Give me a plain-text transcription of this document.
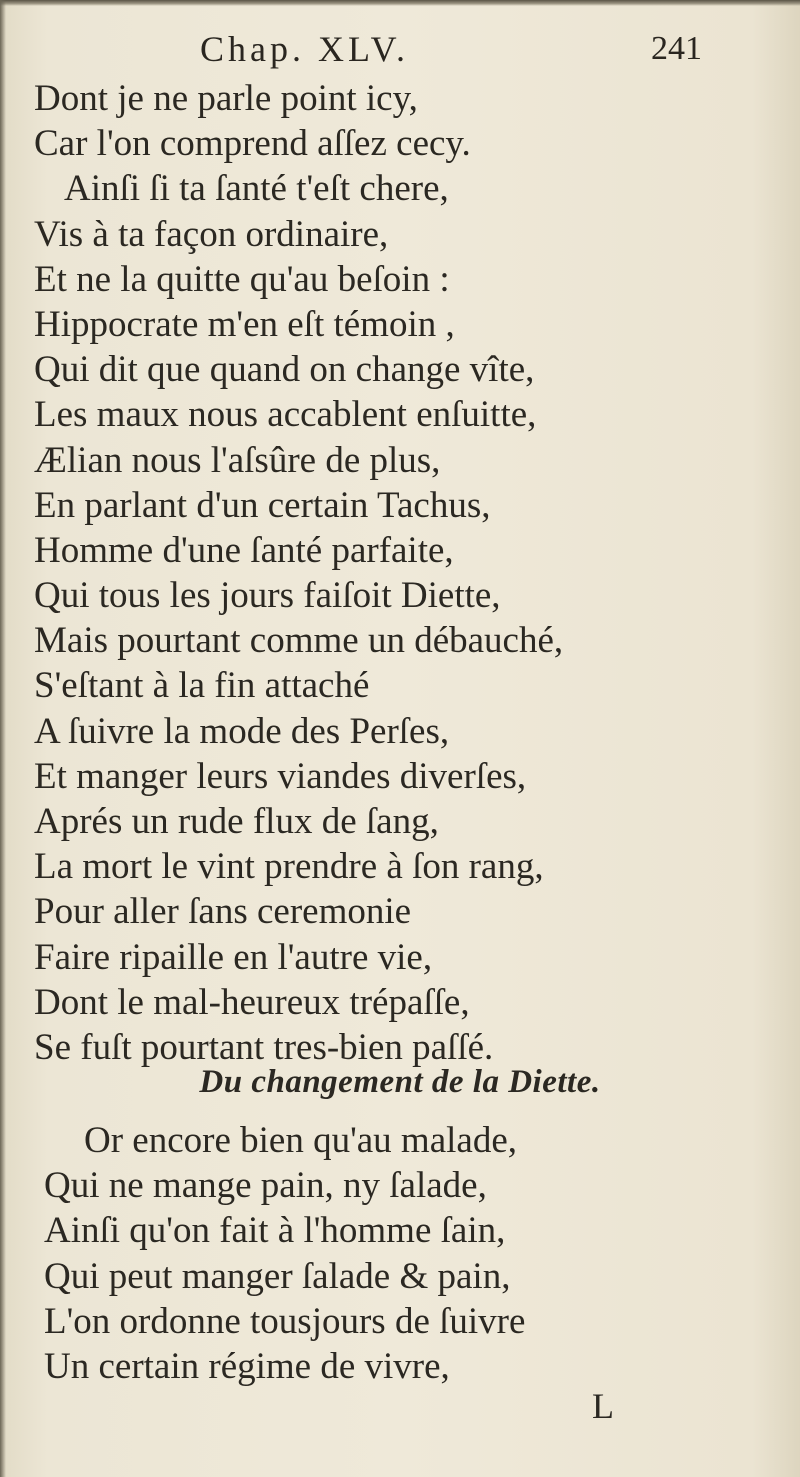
Chap. XLV.	241
Dont je ne parle point icy,
Car l'on comprend aſſez cecy.
Ainſi ſi ta ſanté t'eſt chere,
Vis à ta façon ordinaire,
Et ne la quitte qu'au beſoin :
Hippocrate m'en eſt témoin ,
Qui dit que quand on change vîte,
Les maux nous accablent enſuitte,
Ælian nous l'aſsûre de plus,
En parlant d'un certain Tachus,
Homme d'une ſanté parfaite,
Qui tous les jours faiſoit Diette,
Mais pourtant comme un débauché,
S'eſtant à la fin attaché
A ſuivre la mode des Perſes,
Et manger leurs viandes diverſes,
Aprés un rude flux de ſang,
La mort le vint prendre à ſon rang,
Pour aller ſans ceremonie
Faire ripaille en l'autre vie,
Dont le mal-heureux trépaſſe,
Se fuſt pourtant tres-bien paſſé.
Du changement de la Diette.
Or encore bien qu'au malade,
Qui ne mange pain, ny ſalade,
Ainſi qu'on fait à l'homme ſain,
Qui peut manger ſalade & pain,
L'on ordonne tousjours de ſuivre
Un certain régime de vivre,
L
